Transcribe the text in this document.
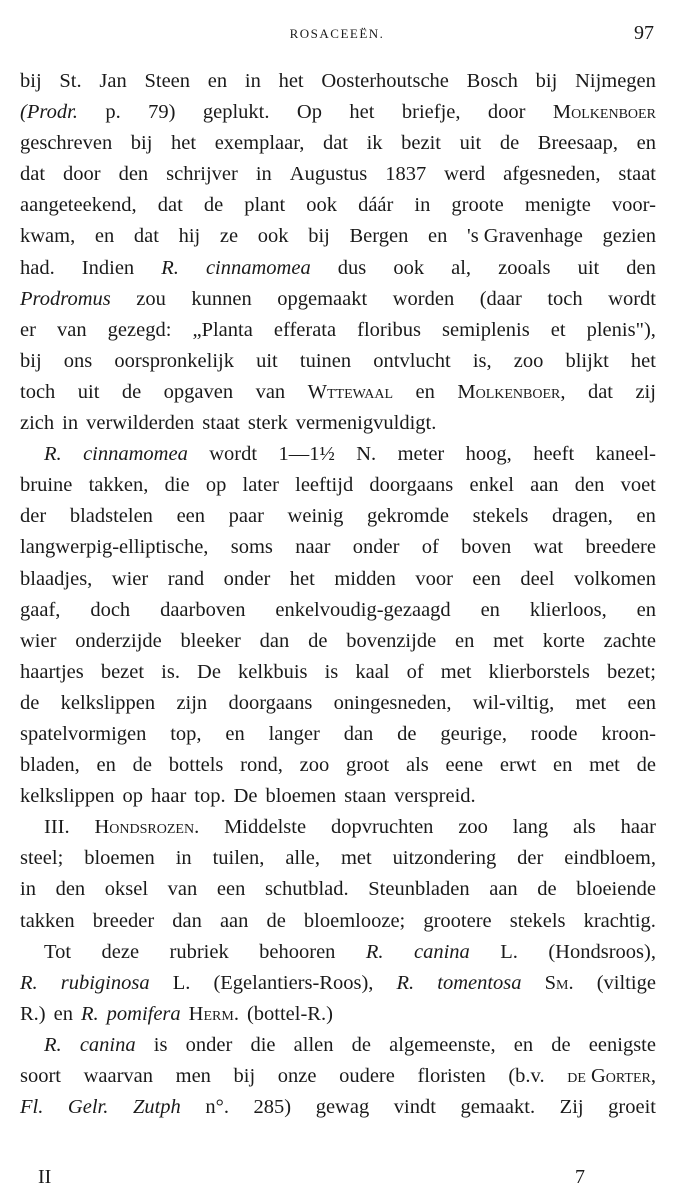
ROSACEEËN.	97
bij St. Jan Steen en in het Oosterhoutsche Bosch bij Nijmegen
(Prodr. p. 79) geplukt. Op het briefje, door Molkenboer
geschreven bij het exemplaar, dat ik bezit uit de Breesaap, en
dat door den schrijver in Augustus 1837 werd afgesneden, staat
aangeteekend, dat de plant ook dáár in groote menigte voor-
kwam, en dat hij ze ook bij Bergen en 's Gravenhage gezien
had. Indien R. cinnamomea dus ook al, zooals uit den
Prodromus zou kunnen opgemaakt worden (daar toch wordt
er van gezegd: „Planta efferata floribus semiplenis et plenis"),
bij ons oorspronkelijk uit tuinen ontvlucht is, zoo blijkt het
toch uit de opgaven van Wttewaal en Molkenboer, dat zij
zich in verwilderden staat sterk vermenigvuldigt.
R. cinnamomea wordt 1—1½ N. meter hoog, heeft kaneel-
bruine takken, die op later leeftijd doorgaans enkel aan den voet
der bladstelen een paar weinig gekromde stekels dragen, en
langwerpig-elliptische, soms naar onder of boven wat breedere
blaadjes, wier rand onder het midden voor een deel volkomen
gaaf, doch daarboven enkelvoudig-gezaagd en klierloos, en
wier onderzijde bleeker dan de bovenzijde en met korte zachte
haartjes bezet is. De kelkbuis is kaal of met klierborstels bezet;
de kelkslippen zijn doorgaans oningesneden, wil-viltig, met een
spatelvormigen top, en langer dan de geurige, roode kroon-
bladen, en de bottels rond, zoo groot als eene erwt en met de
kelkslippen op haar top. De bloemen staan verspreid.
III. Hondsrozen. Middelste dopvruchten zoo lang als haar
steel; bloemen in tuilen, alle, met uitzondering der eindbloem,
in den oksel van een schutblad. Steunbladen aan de bloeiende
takken breeder dan aan de bloemlooze; grootere stekels krachtig.
Tot deze rubriek behooren R. canina L. (Hondsroos),
R. rubiginosa L. (Egelantiers-Roos), R. tomentosa Sm. (viltige
R.) en R. pomifera Herm. (bottel-R.)
R. canina is onder die allen de algemeenste, en de eenigste
soort waarvan men bij onze oudere floristen (b.v. de Gorter,
Fl. Gelr. Zutph n°. 285) gewag vindt gemaakt. Zij groeit
II	7
